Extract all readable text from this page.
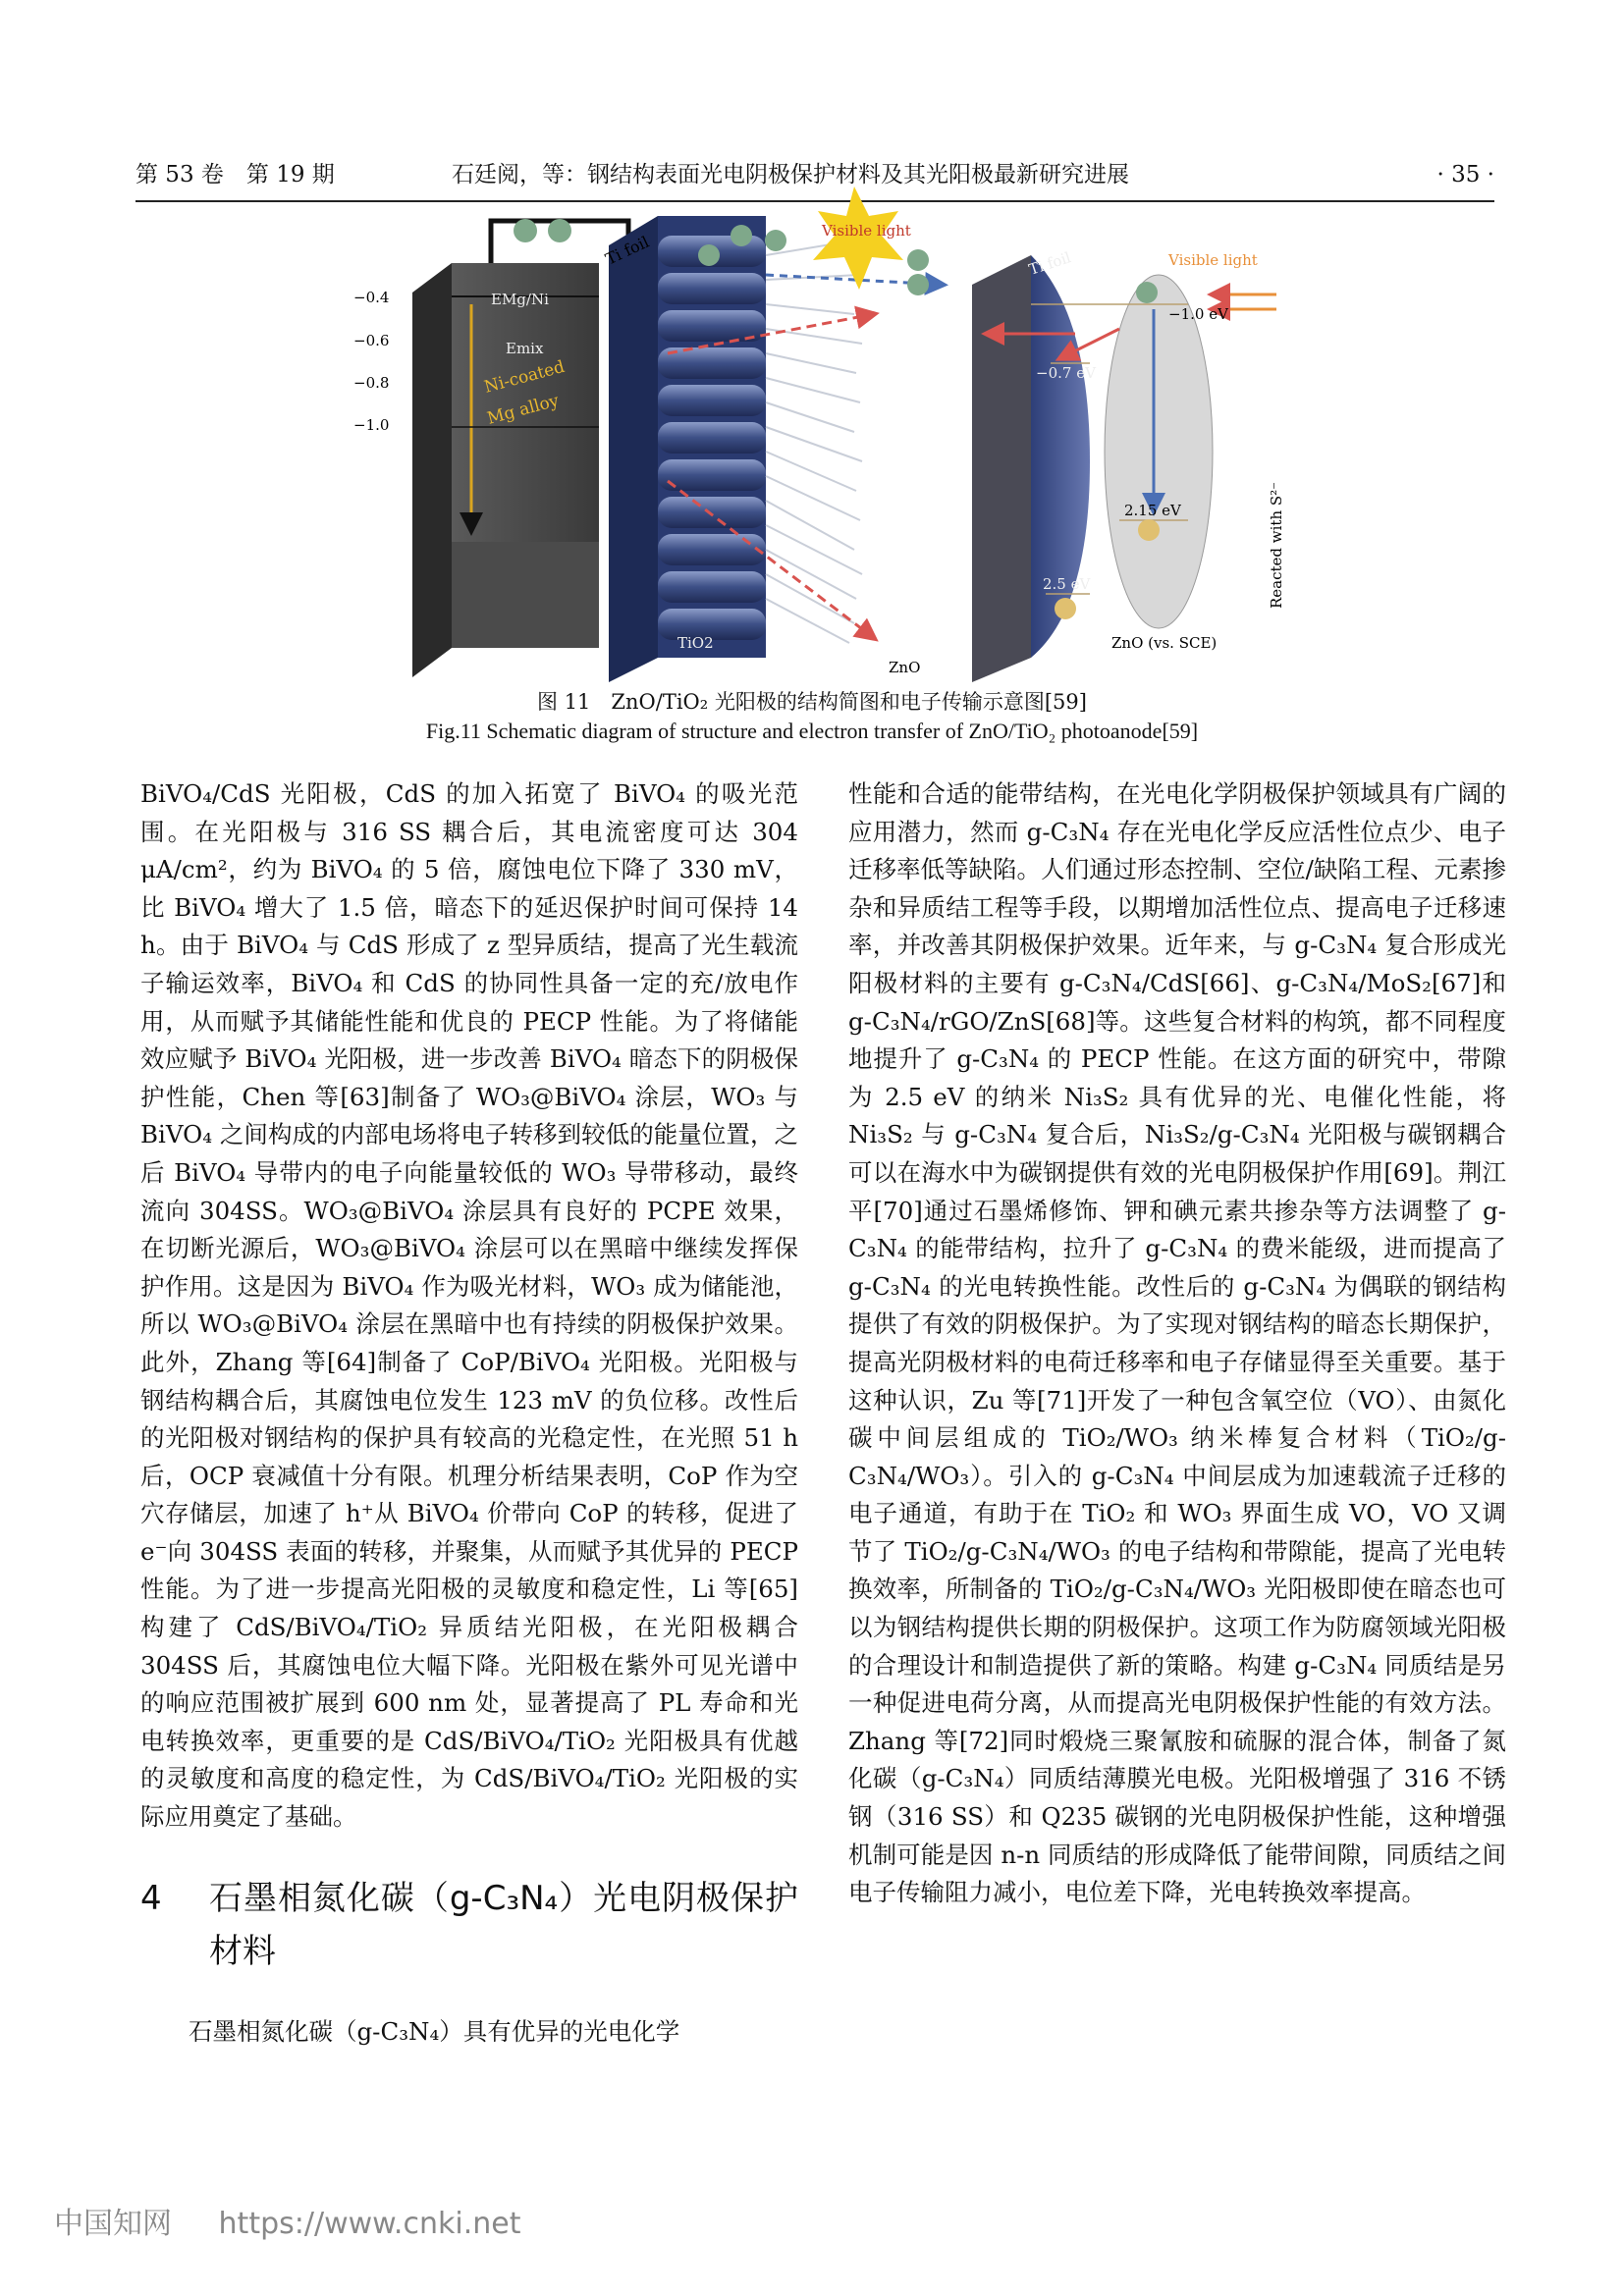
第 53 卷　第 19 期	石廷阅，等：钢结构表面光电阴极保护材料及其光阳极最新研究进展	· 35 ·
EMg/Ni
Emix
Ni-coated
Mg alloy
−0.4
−0.6
−0.8
−1.0
TiO2
Ti foil
ZnO
Visible light
−1.0 eV
−0.7 eV
2.15 eV
2.5 eV
Visible light
Ti foil
ZnO (vs. SCE)
Reacted with S²⁻
图 11　ZnO/TiO₂ 光阳极的结构简图和电子传输示意图[59]
Fig.11 Schematic diagram of structure and electron transfer of ZnO/TiO₂ photoanode[59]

BiVO₄/CdS 光阳极，CdS 的加入拓宽了 BiVO₄ 的吸光范围。在光阳极与 316 SS 耦合后，其电流密度可达 304 μA/cm²，约为 BiVO₄ 的 5 倍，腐蚀电位下降了 330 mV，比 BiVO₄ 增大了 1.5 倍，暗态下的延迟保护时间可保持 14 h。由于 BiVO₄ 与 CdS 形成了 z 型异质结，提高了光生载流子输运效率，BiVO₄ 和 CdS 的协同性具备一定的充/放电作用，从而赋予其储能性能和优良的 PECP 性能。为了将储能效应赋予 BiVO₄ 光阳极，进一步改善 BiVO₄ 暗态下的阴极保护性能，Chen 等[63]制备了 WO₃@BiVO₄ 涂层，WO₃ 与 BiVO₄ 之间构成的内部电场将电子转移到较低的能量位置，之后 BiVO₄ 导带内的电子向能量较低的 WO₃ 导带移动，最终流向 304SS。WO₃@BiVO₄ 涂层具有良好的 PCPE 效果，在切断光源后，WO₃@BiVO₄ 涂层可以在黑暗中继续发挥保护作用。这是因为 BiVO₄ 作为吸光材料，WO₃ 成为储能池，所以 WO₃@BiVO₄ 涂层在黑暗中也有持续的阴极保护效果。此外，Zhang 等[64]制备了 CoP/BiVO₄ 光阳极。光阳极与钢结构耦合后，其腐蚀电位发生 123 mV 的负位移。改性后的光阳极对钢结构的保护具有较高的光稳定性，在光照 51 h 后，OCP 衰减值十分有限。机理分析结果表明，CoP 作为空穴存储层，加速了 h⁺从 BiVO₄ 价带向 CoP 的转移，促进了 e⁻向 304SS 表面的转移，并聚集，从而赋予其优异的 PECP 性能。为了进一步提高光阳极的灵敏度和稳定性，Li 等[65]构建了 CdS/BiVO₄/TiO₂ 异质结光阳极，在光阳极耦合 304SS 后，其腐蚀电位大幅下降。光阳极在紫外可见光谱中的响应范围被扩展到 600 nm 处，显著提高了 PL 寿命和光电转换效率，更重要的是 CdS/BiVO₄/TiO₂ 光阳极具有优越的灵敏度和高度的稳定性，为 CdS/BiVO₄/TiO₂ 光阳极的实际应用奠定了基础。

4	石墨相氮化碳（g-C₃N₄）光电阴极保护材料

石墨相氮化碳（g-C₃N₄）具有优异的光电化学

性能和合适的能带结构，在光电化学阴极保护领域具有广阔的应用潜力，然而 g-C₃N₄ 存在光电化学反应活性位点少、电子迁移率低等缺陷。人们通过形态控制、空位/缺陷工程、元素掺杂和异质结工程等手段，以期增加活性位点、提高电子迁移速率，并改善其阴极保护效果。近年来，与 g-C₃N₄ 复合形成光阳极材料的主要有 g-C₃N₄/CdS[66]、g-C₃N₄/MoS₂[67]和 g-C₃N₄/rGO/ZnS[68]等。这些复合材料的构筑，都不同程度地提升了 g-C₃N₄ 的 PECP 性能。在这方面的研究中，带隙为 2.5 eV 的纳米 Ni₃S₂ 具有优异的光、电催化性能，将 Ni₃S₂ 与 g-C₃N₄ 复合后，Ni₃S₂/g-C₃N₄ 光阳极与碳钢耦合可以在海水中为碳钢提供有效的光电阴极保护作用[69]。荆江平[70]通过石墨烯修饰、钾和碘元素共掺杂等方法调整了 g-C₃N₄ 的能带结构，拉升了 g-C₃N₄ 的费米能级，进而提高了 g-C₃N₄ 的光电转换性能。改性后的 g-C₃N₄ 为偶联的钢结构提供了有效的阴极保护。为了实现对钢结构的暗态长期保护，提高光阴极材料的电荷迁移率和电子存储显得至关重要。基于这种认识，Zu 等[71]开发了一种包含氧空位（VO）、由氮化碳中间层组成的 TiO₂/WO₃ 纳米棒复合材料（TiO₂/g-C₃N₄/WO₃）。引入的 g-C₃N₄ 中间层成为加速载流子迁移的电子通道，有助于在 TiO₂ 和 WO₃ 界面生成 VO，VO 又调节了 TiO₂/g-C₃N₄/WO₃ 的电子结构和带隙能，提高了光电转换效率，所制备的 TiO₂/g-C₃N₄/WO₃ 光阳极即使在暗态也可以为钢结构提供长期的阴极保护。这项工作为防腐领域光阳极的合理设计和制造提供了新的策略。构建 g-C₃N₄ 同质结是另一种促进电荷分离，从而提高光电阴极保护性能的有效方法。Zhang 等[72]同时煅烧三聚氰胺和硫脲的混合体，制备了氮化碳（g-C₃N₄）同质结薄膜光电极。光阳极增强了 316 不锈钢（316 SS）和 Q235 碳钢的光电阴极保护性能，这种增强机制可能是因 n-n 同质结的形成降低了能带间隙，同质结之间电子传输阻力减小，电位差下降，光电转换效率提高。

中国知网 https://www.cnki.net
